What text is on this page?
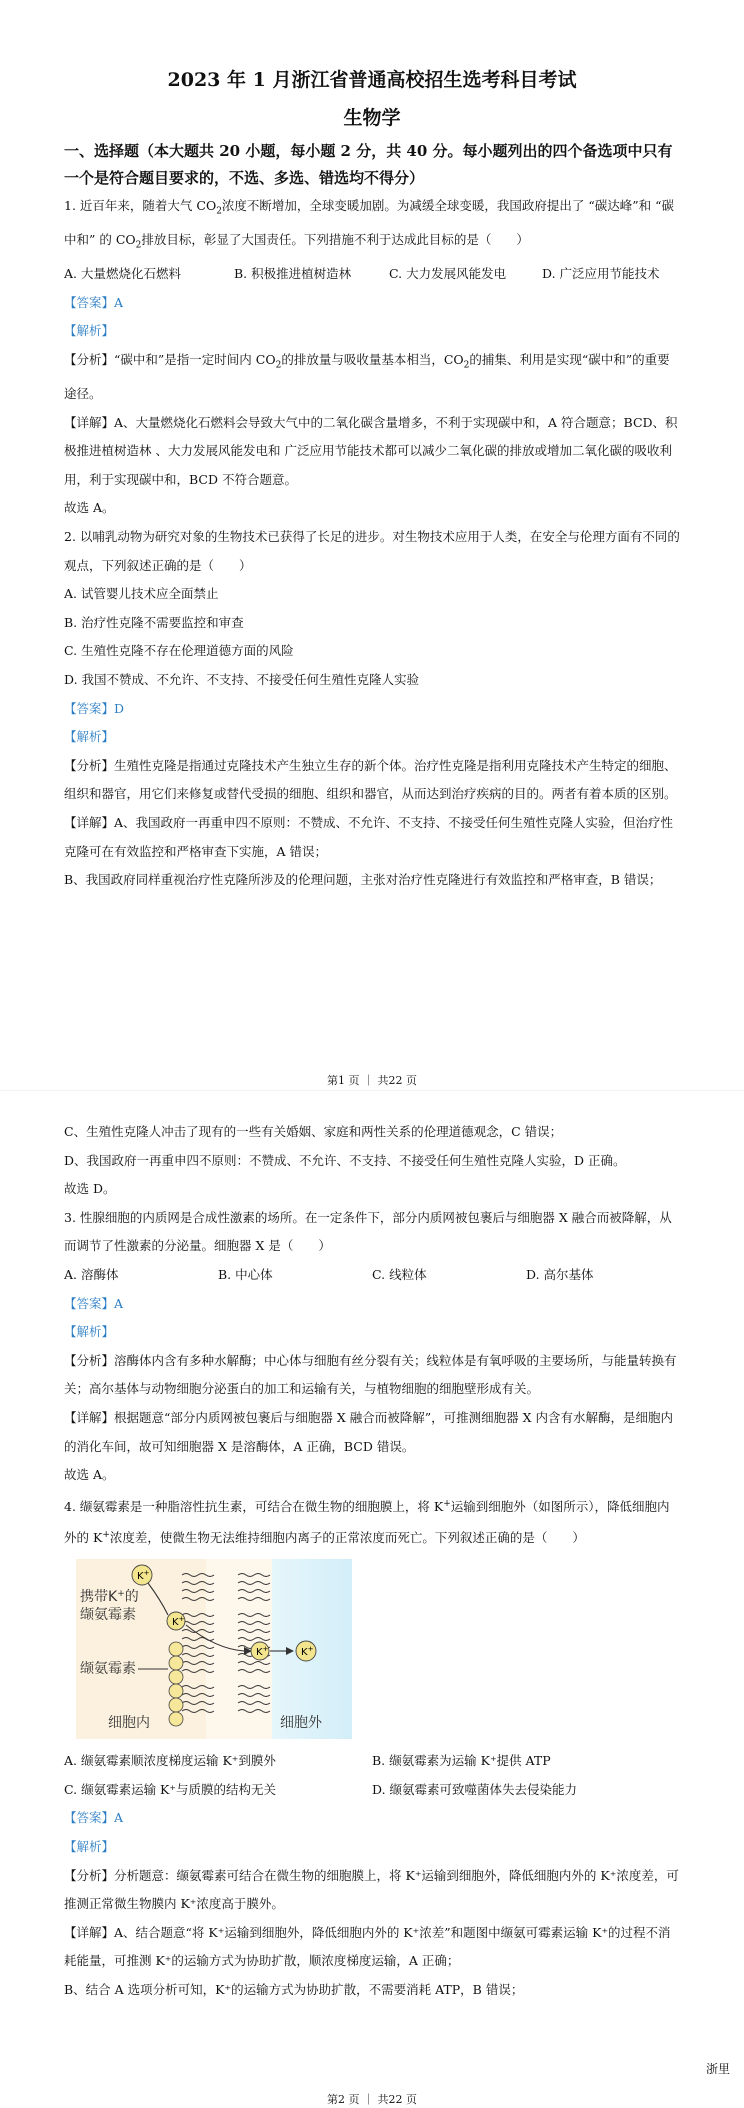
2023 年 1 月浙江省普通高校招生选考科目考试
生物学
一、选择题（本大题共 20 小题，每小题 2 分，共 40 分。每小题列出的四个备选项中只有一个是符合题目要求的，不选、多选、错选均不得分）

1. 近百年来，随着大气 $CO_2$浓度不断增加，全球变暖加剧。为减缓全球变暖，我国政府提出了 “碳达峰”和 “碳中和” 的 $CO_2$排放目标，彰显了大国责任。下列措施不利于达成此目标的是（　　）

A. 大量燃烧化石燃料	B. 积极推进植树造林	C. 大力发展风能发电	D. 广泛应用节能技术

【答案】A

【解析】

【分析】“碳中和”是指一定时间内 $CO_2$的排放量与吸收量基本相当，$CO_2$的捕集、利用是实现“碳中和”的重要途径。

【详解】A、大量燃烧化石燃料会导致大气中的二氧化碳含量增多，不利于实现碳中和，A 符合题意；BCD、积极推进植树造林 、大力发展风能发电和 广泛应用节能技术都可以减少二氧化碳的排放或增加二氧化碳的吸收利用，利于实现碳中和，BCD 不符合题意。

故选 A。

2. 以哺乳动物为研究对象的生物技术已获得了长足的进步。对生物技术应用于人类，在安全与伦理方面有不同的观点，下列叙述正确的是（　　）

A. 试管婴儿技术应全面禁止

B. 治疗性克隆不需要监控和审查

C. 生殖性克隆不存在伦理道德方面的风险

D. 我国不赞成、不允许、不支持、不接受任何生殖性克隆人实验

【答案】D

【解析】

【分析】生殖性克隆是指通过克隆技术产生独立生存的新个体。治疗性克隆是指利用克隆技术产生特定的细胞、组织和器官，用它们来修复或替代受损的细胞、组织和器官，从而达到治疗疾病的目的。两者有着本质的区别。

【详解】A、我国政府一再重申四不原则：不赞成、不允许、不支持、不接受任何生殖性克隆人实验，但治疗性克隆可在有效监控和严格审查下实施，A 错误；

B、我国政府同样重视治疗性克隆所涉及的伦理问题，主张对治疗性克隆进行有效监控和严格审查，B 错误；

第1 页 ｜ 共22 页

C、生殖性克隆人冲击了现有的一些有关婚姻、家庭和两性关系的伦理道德观念，C 错误；

D、我国政府一再重申四不原则：不赞成、不允许、不支持、不接受任何生殖性克隆人实验，D 正确。

故选 D。

3. 性腺细胞的内质网是合成性激素的场所。在一定条件下，部分内质网被包裹后与细胞器 X 融合而被降解，从而调节了性激素的分泌量。细胞器 X 是（　　）

A. 溶酶体	B. 中心体	C. 线粒体	D. 高尔基体

【答案】A

【解析】

【分析】溶酶体内含有多种水解酶；中心体与细胞有丝分裂有关；线粒体是有氧呼吸的主要场所，与能量转换有关；高尔基体与动物细胞分泌蛋白的加工和运输有关，与植物细胞的细胞壁形成有关。

【详解】根据题意“部分内质网被包裹后与细胞器 X 融合而被降解”，可推测细胞器 X 内含有水解酶，是细胞内的消化车间，故可知细胞器 X 是溶酶体，A 正确，BCD 错误。

故选 A。

4. 缬氨霉素是一种脂溶性抗生素，可结合在微生物的细胞膜上，将 K+运输到细胞外（如图所示），降低细胞内外的 K+浓度差，使微生物无法维持细胞内离子的正常浓度而死亡。下列叙述正确的是（　　）

K+
K+
K+	K+
携带K+的
缬氨霉素
缬氨霉素
细胞内	细胞外
A. 缬氨霉素顺浓度梯度运输 K⁺到膜外	B. 缬氨霉素为运输 K⁺提供 ATP
C. 缬氨霉素运输 K⁺与质膜的结构无关	D. 缬氨霉素可致噬菌体失去侵染能力

【答案】A

【解析】

【分析】分析题意：缬氨霉素可结合在微生物的细胞膜上，将 K⁺运输到细胞外，降低细胞内外的 K⁺浓度差，可推测正常微生物膜内 K⁺浓度高于膜外。

【详解】A、结合题意“将 K⁺运输到细胞外，降低细胞内外的 K⁺浓差”和题图中缬氨可霉素运输 K⁺的过程不消耗能量，可推测 K⁺的运输方式为协助扩散，顺浓度梯度运输，A 正确；

B、结合 A 选项分析可知，K⁺的运输方式为协助扩散，不需要消耗 ATP，B 错误；

浙里
第2 页 ｜ 共22 页
